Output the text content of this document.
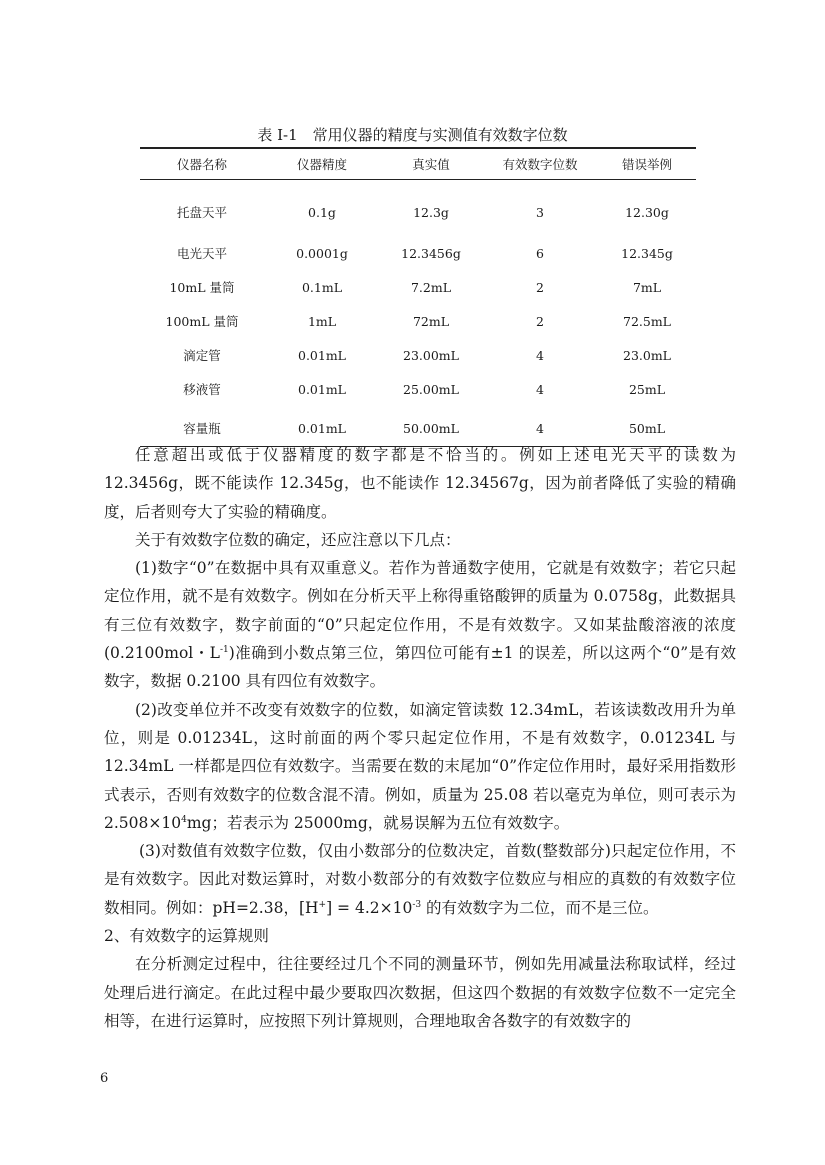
表 I-1　常用仪器的精度与实测值有效数字位数
仪器名称	仪器精度	真实值	有效数字位数	错误举例
托盘天平	0.1g	12.3g	3	12.30g
电光天平	0.0001g	12.3456g	6	12.345g
10mL 量筒	0.1mL	7.2mL	2	7mL
100mL 量筒	1mL	72mL	2	72.5mL
滴定管	0.01mL	23.00mL	4	23.0mL
移液管	0.01mL	25.00mL	4	25mL
容量瓶	0.01mL	50.00mL	4	50mL

任意超出或低于仪器精度的数字都是不恰当的。例如上述电光天平的读数为12.3456g，既不能读作 12.345g，也不能读作 12.34567g，因为前者降低了实验的精确度，后者则夸大了实验的精确度。

关于有效数字位数的确定，还应注意以下几点：

(1)数字“0”在数据中具有双重意义。若作为普通数字使用，它就是有效数字；若它只起定位作用，就不是有效数字。例如在分析天平上称得重铬酸钾的质量为 0.0758g，此数据具有三位有效数字，数字前面的“0”只起定位作用，不是有效数字。又如某盐酸溶液的浓度(0.2100mol・$L^{-1}$)准确到小数点第三位，第四位可能有±1 的误差，所以这两个“0”是有效数字，数据 0.2100 具有四位有效数字。

(2)改变单位并不改变有效数字的位数，如滴定管读数 12.34mL，若该读数改用升为单位，则是 0.01234L，这时前面的两个零只起定位作用，不是有效数字，0.01234L 与12.34mL 一样都是四位有效数字。当需要在数的末尾加“0”作定位作用时，最好采用指数形式表示，否则有效数字的位数含混不清。例如，质量为 25.08 若以毫克为单位，则可表示为 $2.508\times 10^4mg$；若表示为 25000mg，就易误解为五位有效数字。

(3)对数值有效数字位数，仅由小数部分的位数决定，首数(整数部分)只起定位作用，不是有效数字。因此对数运算时，对数小数部分的有效数字位数应与相应的真数的有效数字位数相同。例如：pH=2.38，$[H^+] = 4.2\times 10^{-3}$ 的有效数字为二位，而不是三位。

2、有效数字的运算规则

在分析测定过程中，往往要经过几个不同的测量环节，例如先用减量法称取试样，经过处理后进行滴定。在此过程中最少要取四次数据，但这四个数据的有效数字位数不一定完全相等，在进行运算时，应按照下列计算规则，合理地取舍各数字的有效数字的

6
